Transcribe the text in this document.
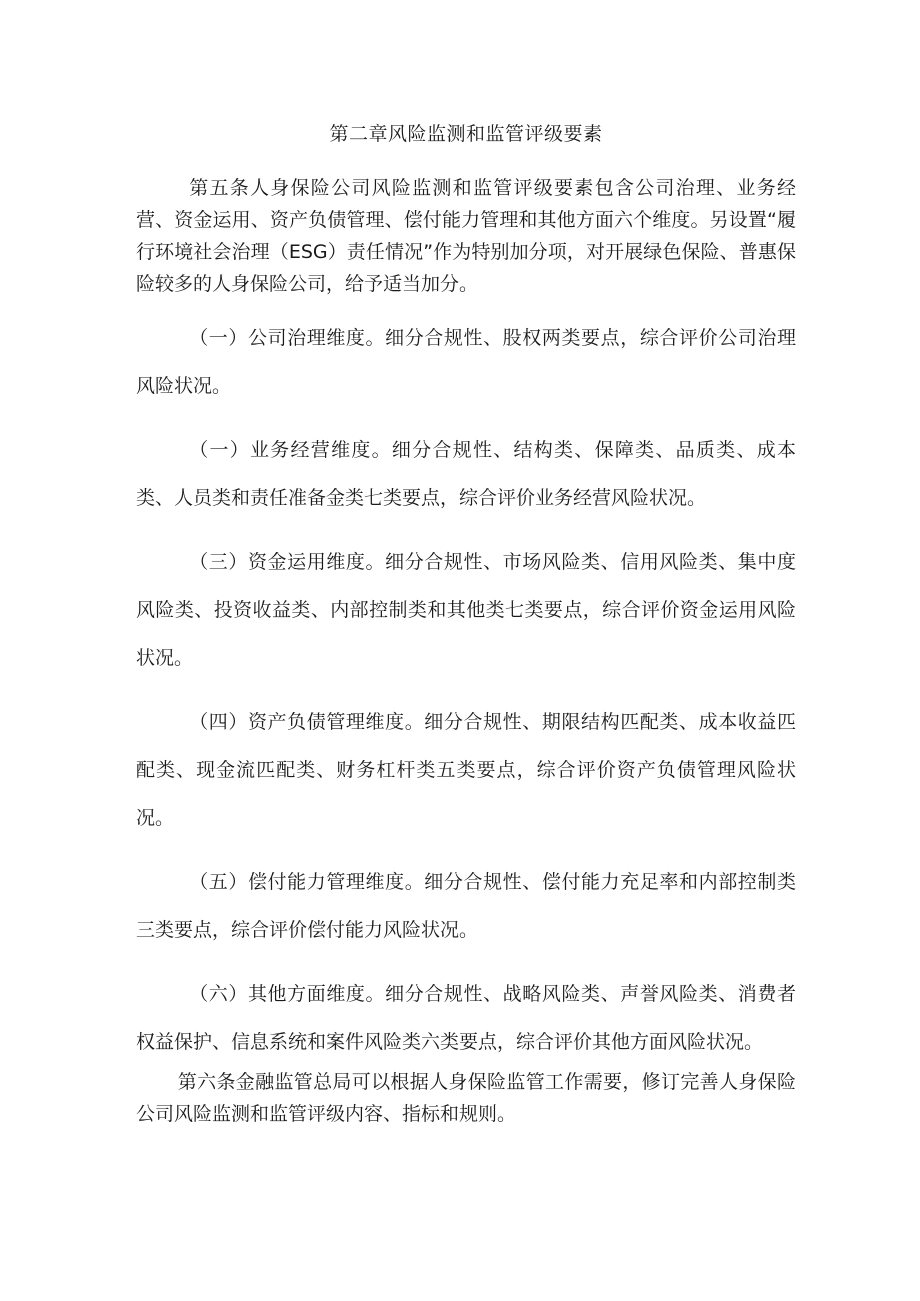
第二章风险监测和监管评级要素

第五条人身保险公司风险监测和监管评级要素包含公司治理、业务经营、资金运用、资产负债管理、偿付能力管理和其他方面六个维度。另设置“履行环境社会治理（ESG）责任情况”作为特别加分项，对开展绿色保险、普惠保险较多的人身保险公司，给予适当加分。

（一）公司治理维度。细分合规性、股权两类要点，综合评价公司治理风险状况。

（一）业务经营维度。细分合规性、结构类、保障类、品质类、成本类、人员类和责任准备金类七类要点，综合评价业务经营风险状况。

（三）资金运用维度。细分合规性、市场风险类、信用风险类、集中度风险类、投资收益类、内部控制类和其他类七类要点，综合评价资金运用风险状况。

（四）资产负债管理维度。细分合规性、期限结构匹配类、成本收益匹配类、现金流匹配类、财务杠杆类五类要点，综合评价资产负债管理风险状况。

（五）偿付能力管理维度。细分合规性、偿付能力充足率和内部控制类三类要点，综合评价偿付能力风险状况。

（六）其他方面维度。细分合规性、战略风险类、声誉风险类、消费者权益保护、信息系统和案件风险类六类要点，综合评价其他方面风险状况。

第六条金融监管总局可以根据人身保险监管工作需要，修订完善人身保险公司风险监测和监管评级内容、指标和规则。
